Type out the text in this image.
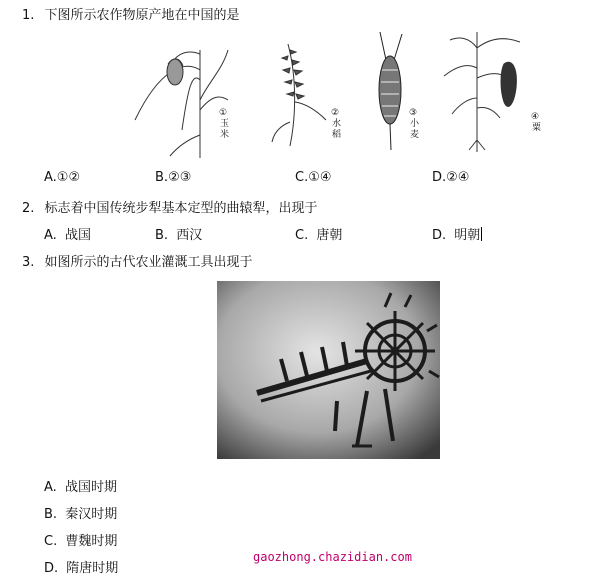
1. 下图所示农作物原产地在中国的是
①
玉米
②
水稻
③
小麦
④
粟
A.①②	B.②③	C.①④	D.②④
2. 标志着中国传统步犁基本定型的曲辕犁，出现于
A. 战国	B. 西汉	C. 唐朝	D. 明朝
3. 如图所示的古代农业灌溉工具出现于
A. 战国时期
B. 秦汉时期
C. 曹魏时期
D. 隋唐时期
gaozhong.chazidian.com
